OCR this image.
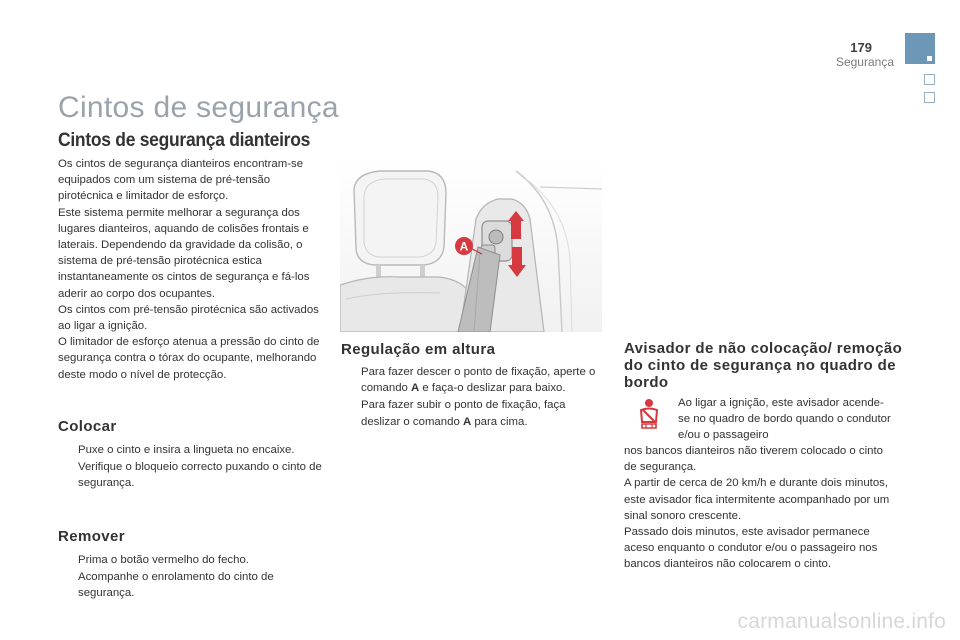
179
Segurança
Cintos de segurança
Cintos de segurança dianteiros

Os cintos de segurança dianteiros encontram-se equipados com um sistema de pré-tensão pirotécnica e limitador de esforço.

Este sistema permite melhorar a segurança dos lugares dianteiros, aquando de colisões frontais e laterais. Dependendo da gravidade da colisão, o sistema de pré-tensão pirotécnica estica instantaneamente os cintos de segurança e fá-los aderir ao corpo dos ocupantes.

Os cintos com pré-tensão pirotécnica são activados ao ligar a ignição.

O limitador de esforço atenua a pressão do cinto de segurança contra o tórax do ocupante, melhorando deste modo o nível de protecção.

Colocar
Puxe o cinto e insira a lingueta no encaixe.
Verifique o bloqueio correcto puxando o cinto de segurança.
Remover
Prima o botão vermelho do fecho.
Acompanhe o enrolamento do cinto de segurança.
A
Regulação em altura
Para fazer descer o ponto de fixação, aperte o comando A e faça-o deslizar para baixo.
Para fazer subir o ponto de fixação, faça deslizar o comando A para cima.
Avisador de não colocação/ remoção do cinto de segurança no quadro de bordo
Ao ligar a ignição, este avisador acende-se no quadro de bordo quando o condutor e/ou o passageiro

nos bancos dianteiros não tiverem colocado o cinto de segurança.

A partir de cerca de 20 km/h e durante dois minutos, este avisador fica intermitente acompanhado por um sinal sonoro crescente.

Passado dois minutos, este avisador permanece aceso enquanto o condutor e/ou o passageiro nos bancos dianteiros não colocarem o cinto.

carmanualsonline.info
